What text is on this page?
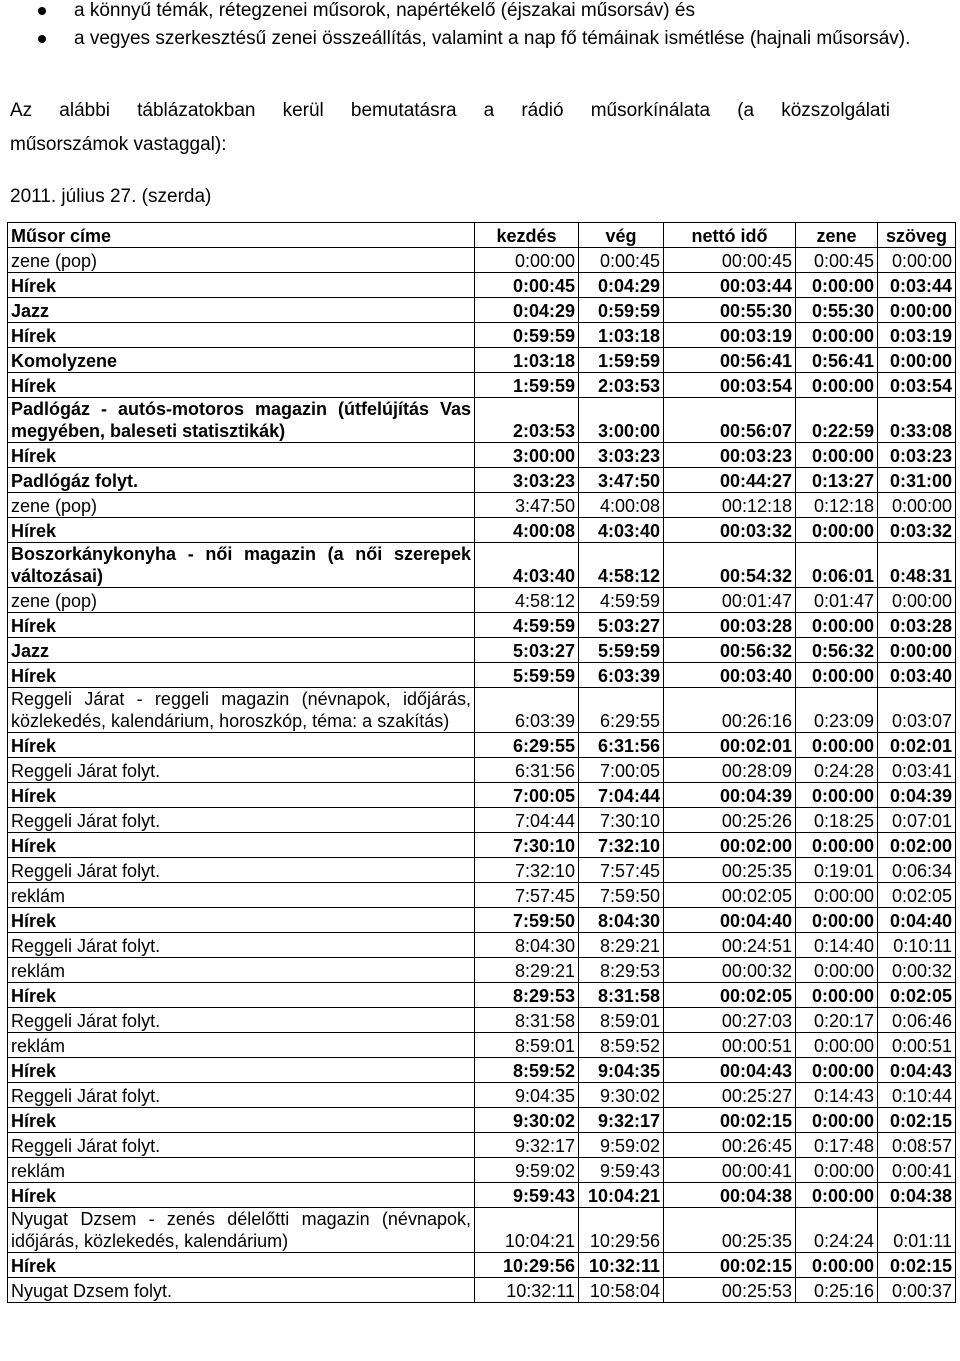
a könnyű témák, rétegzenei műsorok, napértékelő (éjszakai műsorsáv) és
a vegyes szerkesztésű zenei összeállítás, valamint a nap fő témáinak ismétlése (hajnali műsorsáv).
Az alábbi táblázatokban kerül bemutatásra a rádió műsorkínálata (a közszolgálati
műsorszámok vastaggal):
2011. július 27. (szerda)
Műsor címe	kezdés	vég	nettó idő	zene	szöveg
zene (pop)	0:00:00	0:00:45	00:00:45	0:00:45	0:00:00
Hírek	0:00:45	0:04:29	00:03:44	0:00:00	0:03:44
Jazz	0:04:29	0:59:59	00:55:30	0:55:30	0:00:00
Hírek	0:59:59	1:03:18	00:03:19	0:00:00	0:03:19
Komolyzene	1:03:18	1:59:59	00:56:41	0:56:41	0:00:00
Hírek	1:59:59	2:03:53	00:03:54	0:00:00	0:03:54
Padlógáz - autós-motoros magazin (útfelújítás Vas megyében, baleseti statisztikák)	2:03:53	3:00:00	00:56:07	0:22:59	0:33:08
Hírek	3:00:00	3:03:23	00:03:23	0:00:00	0:03:23
Padlógáz folyt.	3:03:23	3:47:50	00:44:27	0:13:27	0:31:00
zene (pop)	3:47:50	4:00:08	00:12:18	0:12:18	0:00:00
Hírek	4:00:08	4:03:40	00:03:32	0:00:00	0:03:32
Boszorkánykonyha - női magazin (a női szerepek változásai)	4:03:40	4:58:12	00:54:32	0:06:01	0:48:31
zene (pop)	4:58:12	4:59:59	00:01:47	0:01:47	0:00:00
Hírek	4:59:59	5:03:27	00:03:28	0:00:00	0:03:28
Jazz	5:03:27	5:59:59	00:56:32	0:56:32	0:00:00
Hírek	5:59:59	6:03:39	00:03:40	0:00:00	0:03:40
Reggeli Járat - reggeli magazin (névnapok, időjárás, közlekedés, kalendárium, horoszkóp, téma: a szakítás)	6:03:39	6:29:55	00:26:16	0:23:09	0:03:07
Hírek	6:29:55	6:31:56	00:02:01	0:00:00	0:02:01
Reggeli Járat folyt.	6:31:56	7:00:05	00:28:09	0:24:28	0:03:41
Hírek	7:00:05	7:04:44	00:04:39	0:00:00	0:04:39
Reggeli Járat folyt.	7:04:44	7:30:10	00:25:26	0:18:25	0:07:01
Hírek	7:30:10	7:32:10	00:02:00	0:00:00	0:02:00
Reggeli Járat folyt.	7:32:10	7:57:45	00:25:35	0:19:01	0:06:34
reklám	7:57:45	7:59:50	00:02:05	0:00:00	0:02:05
Hírek	7:59:50	8:04:30	00:04:40	0:00:00	0:04:40
Reggeli Járat folyt.	8:04:30	8:29:21	00:24:51	0:14:40	0:10:11
reklám	8:29:21	8:29:53	00:00:32	0:00:00	0:00:32
Hírek	8:29:53	8:31:58	00:02:05	0:00:00	0:02:05
Reggeli Járat folyt.	8:31:58	8:59:01	00:27:03	0:20:17	0:06:46
reklám	8:59:01	8:59:52	00:00:51	0:00:00	0:00:51
Hírek	8:59:52	9:04:35	00:04:43	0:00:00	0:04:43
Reggeli Járat folyt.	9:04:35	9:30:02	00:25:27	0:14:43	0:10:44
Hírek	9:30:02	9:32:17	00:02:15	0:00:00	0:02:15
Reggeli Járat folyt.	9:32:17	9:59:02	00:26:45	0:17:48	0:08:57
reklám	9:59:02	9:59:43	00:00:41	0:00:00	0:00:41
Hírek	9:59:43	10:04:21	00:04:38	0:00:00	0:04:38
Nyugat Dzsem - zenés délelőtti magazin (névnapok, időjárás, közlekedés, kalendárium)	10:04:21	10:29:56	00:25:35	0:24:24	0:01:11
Hírek	10:29:56	10:32:11	00:02:15	0:00:00	0:02:15
Nyugat Dzsem folyt.	10:32:11	10:58:04	00:25:53	0:25:16	0:00:37
